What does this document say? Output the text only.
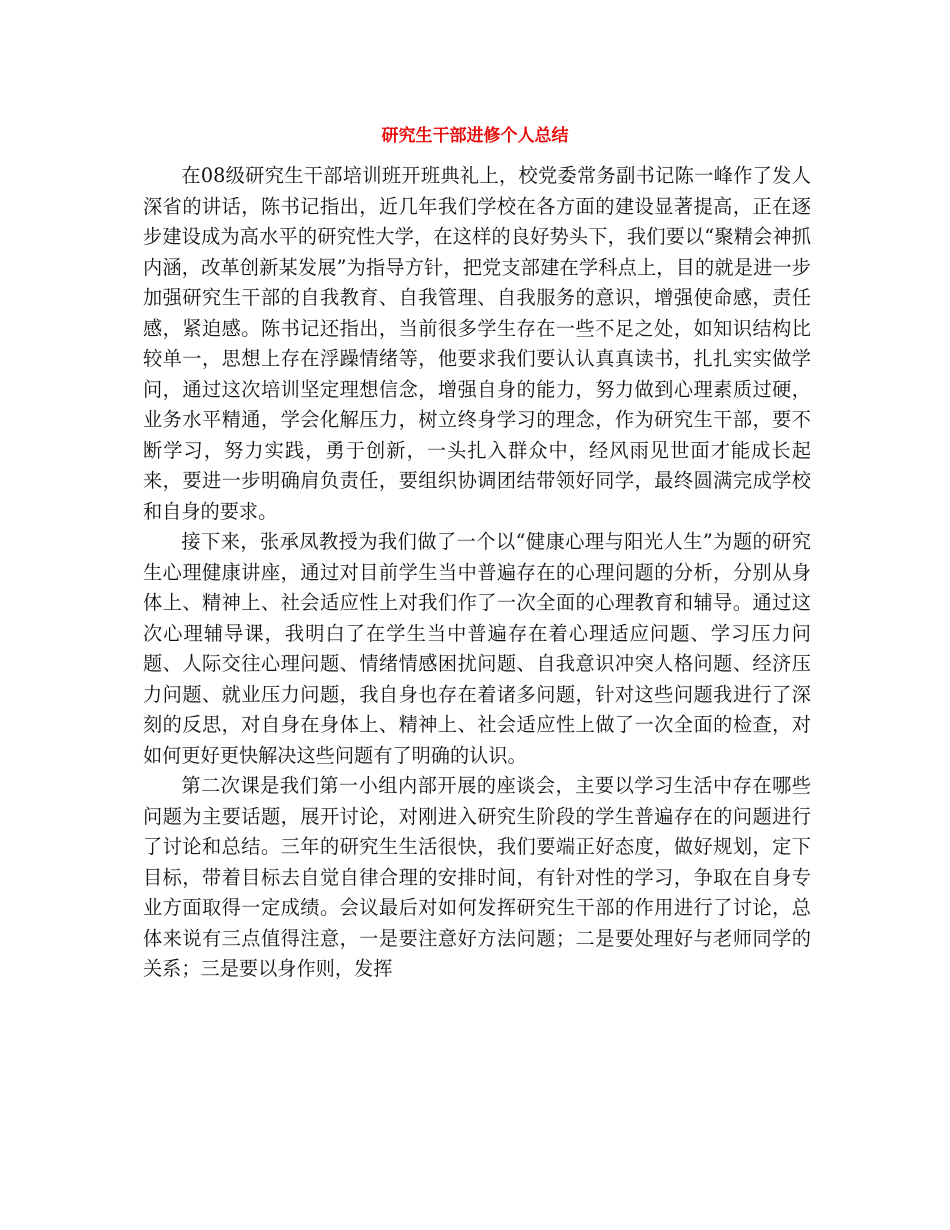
研究生干部进修个人总结

在08级研究生干部培训班开班典礼上，校党委常务副书记陈一峰作了发人深省的讲话，陈书记指出，近几年我们学校在各方面的建设显著提高，正在逐步建设成为高水平的研究性大学，在这样的良好势头下，我们要以“聚精会神抓内涵，改革创新某发展”为指导方针，把党支部建在学科点上，目的就是进一步加强研究生干部的自我教育、自我管理、自我服务的意识，增强使命感，责任感，紧迫感。陈书记还指出，当前很多学生存在一些不足之处，如知识结构比较单一，思想上存在浮躁情绪等，他要求我们要认认真真读书，扎扎实实做学问，通过这次培训坚定理想信念，增强自身的能力，努力做到心理素质过硬，业务水平精通，学会化解压力，树立终身学习的理念，作为研究生干部，要不断学习，努力实践，勇于创新，一头扎入群众中，经风雨见世面才能成长起来，要进一步明确肩负责任，要组织协调团结带领好同学，最终圆满完成学校和自身的要求。

接下来，张承凤教授为我们做了一个以“健康心理与阳光人生”为题的研究生心理健康讲座，通过对目前学生当中普遍存在的心理问题的分析，分别从身体上、精神上、社会适应性上对我们作了一次全面的心理教育和辅导。通过这次心理辅导课，我明白了在学生当中普遍存在着心理适应问题、学习压力问题、人际交往心理问题、情绪情感困扰问题、自我意识冲突人格问题、经济压力问题、就业压力问题，我自身也存在着诸多问题，针对这些问题我进行了深刻的反思，对自身在身体上、精神上、社会适应性上做了一次全面的检查，对如何更好更快解决这些问题有了明确的认识。

第二次课是我们第一小组内部开展的座谈会，主要以学习生活中存在哪些问题为主要话题，展开讨论，对刚进入研究生阶段的学生普遍存在的问题进行了讨论和总结。三年的研究生生活很快，我们要端正好态度，做好规划，定下目标，带着目标去自觉自律合理的安排时间，有针对性的学习，争取在自身专业方面取得一定成绩。会议最后对如何发挥研究生干部的作用进行了讨论，总体来说有三点值得注意，一是要注意好方法问题；二是要处理好与老师同学的关系；三是要以身作则，发挥
